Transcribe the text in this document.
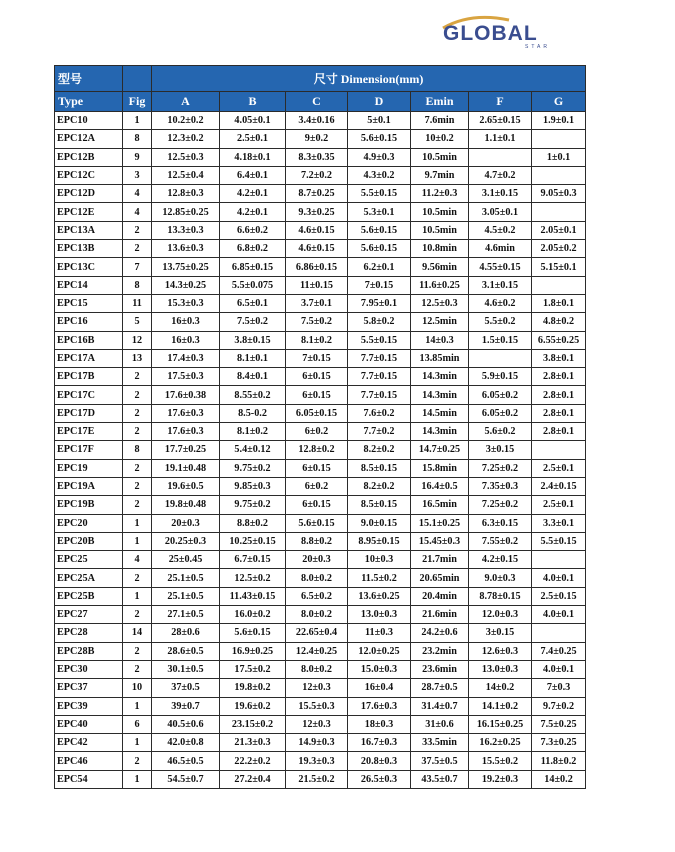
GLOBAL
STAR
型号		尺寸 Dimension(mm)						
Type	Fig	A	B	C	D	Emin	F	G
EPC10	1	10.2±0.2	4.05±0.1	3.4±0.16	5±0.1	7.6min	2.65±0.15	1.9±0.1
EPC12A	8	12.3±0.2	2.5±0.1	9±0.2	5.6±0.15	10±0.2	1.1±0.1	
EPC12B	9	12.5±0.3	4.18±0.1	8.3±0.35	4.9±0.3	10.5min		1±0.1
EPC12C	3	12.5±0.4	6.4±0.1	7.2±0.2	4.3±0.2	9.7min	4.7±0.2	
EPC12D	4	12.8±0.3	4.2±0.1	8.7±0.25	5.5±0.15	11.2±0.3	3.1±0.15	9.05±0.3
EPC12E	4	12.85±0.25	4.2±0.1	9.3±0.25	5.3±0.1	10.5min	3.05±0.1	
EPC13A	2	13.3±0.3	6.6±0.2	4.6±0.15	5.6±0.15	10.5min	4.5±0.2	2.05±0.1
EPC13B	2	13.6±0.3	6.8±0.2	4.6±0.15	5.6±0.15	10.8min	4.6min	2.05±0.2
EPC13C	7	13.75±0.25	6.85±0.15	6.86±0.15	6.2±0.1	9.56min	4.55±0.15	5.15±0.1
EPC14	8	14.3±0.25	5.5±0.075	11±0.15	7±0.15	11.6±0.25	3.1±0.15	
EPC15	11	15.3±0.3	6.5±0.1	3.7±0.1	7.95±0.1	12.5±0.3	4.6±0.2	1.8±0.1
EPC16	5	16±0.3	7.5±0.2	7.5±0.2	5.8±0.2	12.5min	5.5±0.2	4.8±0.2
EPC16B	12	16±0.3	3.8±0.15	8.1±0.2	5.5±0.15	14±0.3	1.5±0.15	6.55±0.25
EPC17A	13	17.4±0.3	8.1±0.1	7±0.15	7.7±0.15	13.85min		3.8±0.1
EPC17B	2	17.5±0.3	8.4±0.1	6±0.15	7.7±0.15	14.3min	5.9±0.15	2.8±0.1
EPC17C	2	17.6±0.38	8.55±0.2	6±0.15	7.7±0.15	14.3min	6.05±0.2	2.8±0.1
EPC17D	2	17.6±0.3	8.5-0.2	6.05±0.15	7.6±0.2	14.5min	6.05±0.2	2.8±0.1
EPC17E	2	17.6±0.3	8.1±0.2	6±0.2	7.7±0.2	14.3min	5.6±0.2	2.8±0.1
EPC17F	8	17.7±0.25	5.4±0.12	12.8±0.2	8.2±0.2	14.7±0.25	3±0.15	
EPC19	2	19.1±0.48	9.75±0.2	6±0.15	8.5±0.15	15.8min	7.25±0.2	2.5±0.1
EPC19A	2	19.6±0.5	9.85±0.3	6±0.2	8.2±0.2	16.4±0.5	7.35±0.3	2.4±0.15
EPC19B	2	19.8±0.48	9.75±0.2	6±0.15	8.5±0.15	16.5min	7.25±0.2	2.5±0.1
EPC20	1	20±0.3	8.8±0.2	5.6±0.15	9.0±0.15	15.1±0.25	6.3±0.15	3.3±0.1
EPC20B	1	20.25±0.3	10.25±0.15	8.8±0.2	8.95±0.15	15.45±0.3	7.55±0.2	5.5±0.15
EPC25	4	25±0.45	6.7±0.15	20±0.3	10±0.3	21.7min	4.2±0.15	
EPC25A	2	25.1±0.5	12.5±0.2	8.0±0.2	11.5±0.2	20.65min	9.0±0.3	4.0±0.1
EPC25B	1	25.1±0.5	11.43±0.15	6.5±0.2	13.6±0.25	20.4min	8.78±0.15	2.5±0.15
EPC27	2	27.1±0.5	16.0±0.2	8.0±0.2	13.0±0.3	21.6min	12.0±0.3	4.0±0.1
EPC28	14	28±0.6	5.6±0.15	22.65±0.4	11±0.3	24.2±0.6	3±0.15	
EPC28B	2	28.6±0.5	16.9±0.25	12.4±0.25	12.0±0.25	23.2min	12.6±0.3	7.4±0.25
EPC30	2	30.1±0.5	17.5±0.2	8.0±0.2	15.0±0.3	23.6min	13.0±0.3	4.0±0.1
EPC37	10	37±0.5	19.8±0.2	12±0.3	16±0.4	28.7±0.5	14±0.2	7±0.3
EPC39	1	39±0.7	19.6±0.2	15.5±0.3	17.6±0.3	31.4±0.7	14.1±0.2	9.7±0.2
EPC40	6	40.5±0.6	23.15±0.2	12±0.3	18±0.3	31±0.6	16.15±0.25	7.5±0.25
EPC42	1	42.0±0.8	21.3±0.3	14.9±0.3	16.7±0.3	33.5min	16.2±0.25	7.3±0.25
EPC46	2	46.5±0.5	22.2±0.2	19.3±0.3	20.8±0.3	37.5±0.5	15.5±0.2	11.8±0.2
EPC54	1	54.5±0.7	27.2±0.4	21.5±0.2	26.5±0.3	43.5±0.7	19.2±0.3	14±0.2
